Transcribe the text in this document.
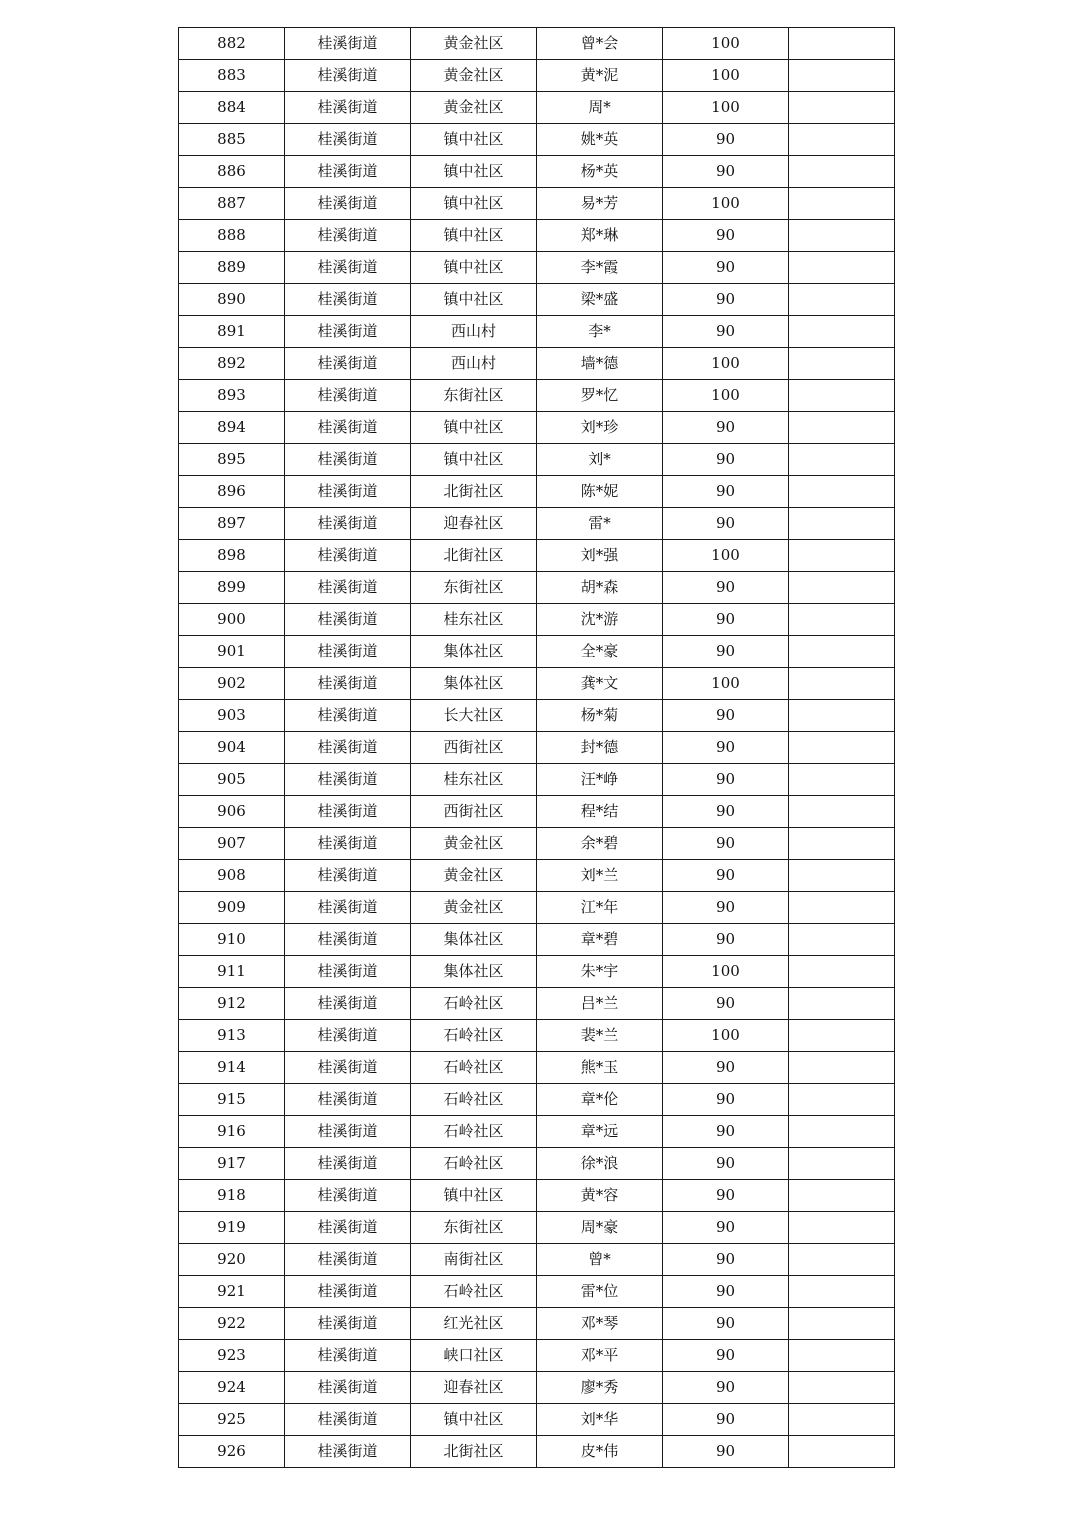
882	桂溪街道	黄金社区	曾*会	100	
883	桂溪街道	黄金社区	黄*泥	100	
884	桂溪街道	黄金社区	周*	100	
885	桂溪街道	镇中社区	姚*英	90	
886	桂溪街道	镇中社区	杨*英	90	
887	桂溪街道	镇中社区	易*芳	100	
888	桂溪街道	镇中社区	郑*琳	90	
889	桂溪街道	镇中社区	李*霞	90	
890	桂溪街道	镇中社区	梁*盛	90	
891	桂溪街道	西山村	李*	90	
892	桂溪街道	西山村	墙*德	100	
893	桂溪街道	东街社区	罗*忆	100	
894	桂溪街道	镇中社区	刘*珍	90	
895	桂溪街道	镇中社区	刘*	90	
896	桂溪街道	北街社区	陈*妮	90	
897	桂溪街道	迎春社区	雷*	90	
898	桂溪街道	北街社区	刘*强	100	
899	桂溪街道	东街社区	胡*森	90	
900	桂溪街道	桂东社区	沈*游	90	
901	桂溪街道	集体社区	全*豪	90	
902	桂溪街道	集体社区	龚*文	100	
903	桂溪街道	长大社区	杨*菊	90	
904	桂溪街道	西街社区	封*德	90	
905	桂溪街道	桂东社区	汪*峥	90	
906	桂溪街道	西街社区	程*结	90	
907	桂溪街道	黄金社区	余*碧	90	
908	桂溪街道	黄金社区	刘*兰	90	
909	桂溪街道	黄金社区	江*年	90	
910	桂溪街道	集体社区	章*碧	90	
911	桂溪街道	集体社区	朱*宇	100	
912	桂溪街道	石岭社区	吕*兰	90	
913	桂溪街道	石岭社区	裴*兰	100	
914	桂溪街道	石岭社区	熊*玉	90	
915	桂溪街道	石岭社区	章*伦	90	
916	桂溪街道	石岭社区	章*远	90	
917	桂溪街道	石岭社区	徐*浪	90	
918	桂溪街道	镇中社区	黄*容	90	
919	桂溪街道	东街社区	周*豪	90	
920	桂溪街道	南街社区	曾*	90	
921	桂溪街道	石岭社区	雷*位	90	
922	桂溪街道	红光社区	邓*琴	90	
923	桂溪街道	峡口社区	邓*平	90	
924	桂溪街道	迎春社区	廖*秀	90	
925	桂溪街道	镇中社区	刘*华	90	
926	桂溪街道	北街社区	皮*伟	90	
